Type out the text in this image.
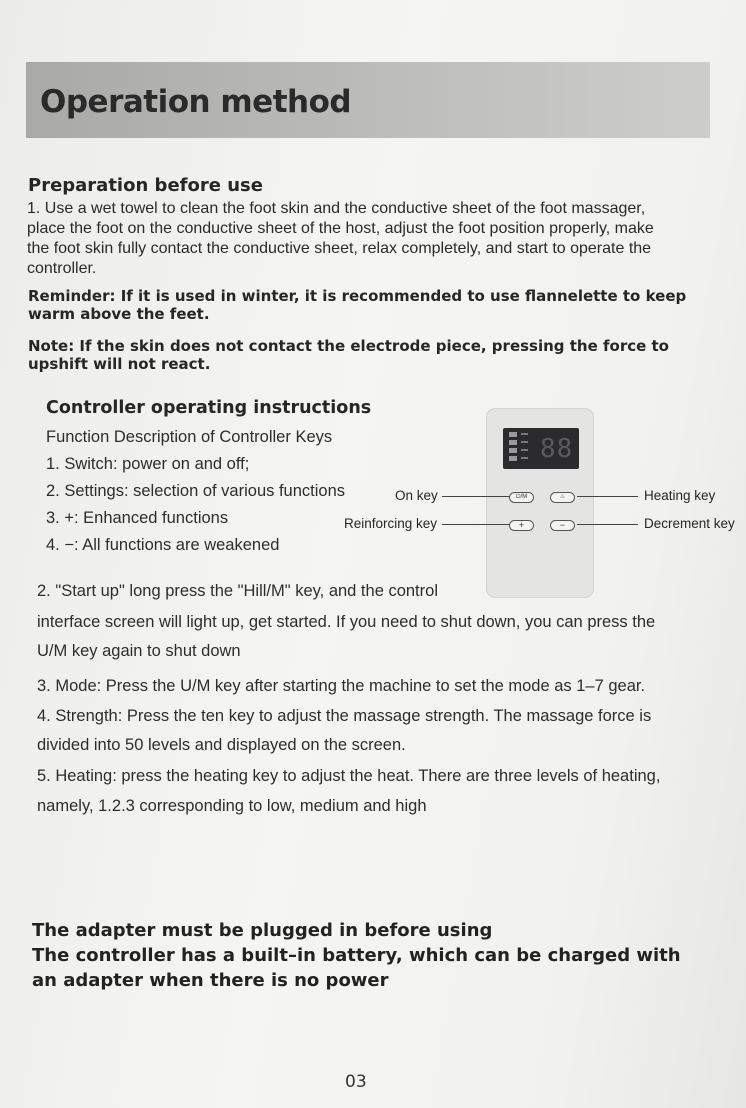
Operation method
Preparation before use
1. Use a wet towel to clean the foot skin and the conductive sheet of the foot massager,
place the foot on the conductive sheet of the host, adjust the foot position properly, make
the foot skin fully contact the conductive sheet, relax completely, and start to operate the
controller.
Reminder: If it is used in winter, it is recommended to use flannelette to keep
warm above the feet.
Note: If the skin does not contact the electrode piece, pressing the force to
upshift will not react.
Controller operating instructions
Function Description of Controller Keys
1. Switch: power on and off;
2. Settings: selection of various functions
3. +: Enhanced functions
4. −: All functions are weakened
88
⏻/M	♨
+	−
On key	Heating key
Reinforcing key	Decrement key
2. "Start up" long press the "Hill/M" key, and the control
interface screen will light up, get started. If you need to shut down, you can press the
U/M key again to shut down
3. Mode: Press the U/M key after starting the machine to set the mode as 1–7 gear.
4. Strength: Press the ten key to adjust the massage strength. The massage force is
divided into 50 levels and displayed on the screen.
5. Heating: press the heating key to adjust the heat. There are three levels of heating,
namely, 1.2.3 corresponding to low, medium and high
The adapter must be plugged in before using
The controller has a built–in battery, which can be charged with
an adapter when there is no power
03
